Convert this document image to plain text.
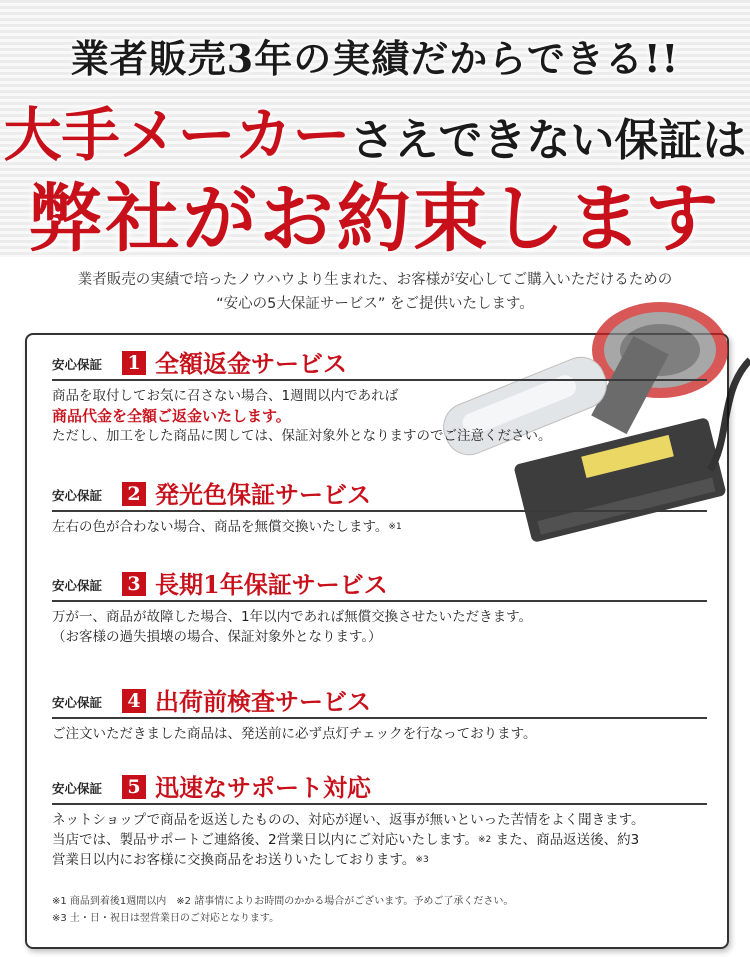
業者販売3年の実績だからできる!!
大手メーカーさえできない保証は
弊社がお約束します
業者販売の実績で培ったノウハウより生まれた、お客様が安心してご購入いただけるための
“安心の5大保証サービス” をご提供いたします。
安心保証 1 全額返金サービス
商品を取付してお気に召さない場合、1週間以内であれば
商品代金を全額ご返金いたします。
ただし、加工をした商品に関しては、保証対象外となりますのでご注意ください。
安心保証 2 発光色保証サービス
左右の色が合わない場合、商品を無償交換いたします。$^{※1}$
安心保証 3 長期1年保証サービス
万が一、商品が故障した場合、1年以内であれば無償交換させたいただきます。
（お客様の過失損壊の場合、保証対象外となります。）
安心保証 4 出荷前検査サービス
ご注文いただきました商品は、発送前に必ず点灯チェックを行なっております。
安心保証 5 迅速なサポート対応
ネットショップで商品を返送したものの、対応が遅い、返事が無いといった苦情をよく聞きます。
当店では、製品サポートご連絡後、2営業日以内にご対応いたします。$^{※2}$ また、商品返送後、約3
営業日以内にお客様に交換商品をお送りいたしております。$^{※3}$
※1 商品到着後1週間以内　※2 諸事情によりお時間のかかる場合がございます。予めご了承ください。
※3 土・日・祝日は翌営業日のご対応となります。
